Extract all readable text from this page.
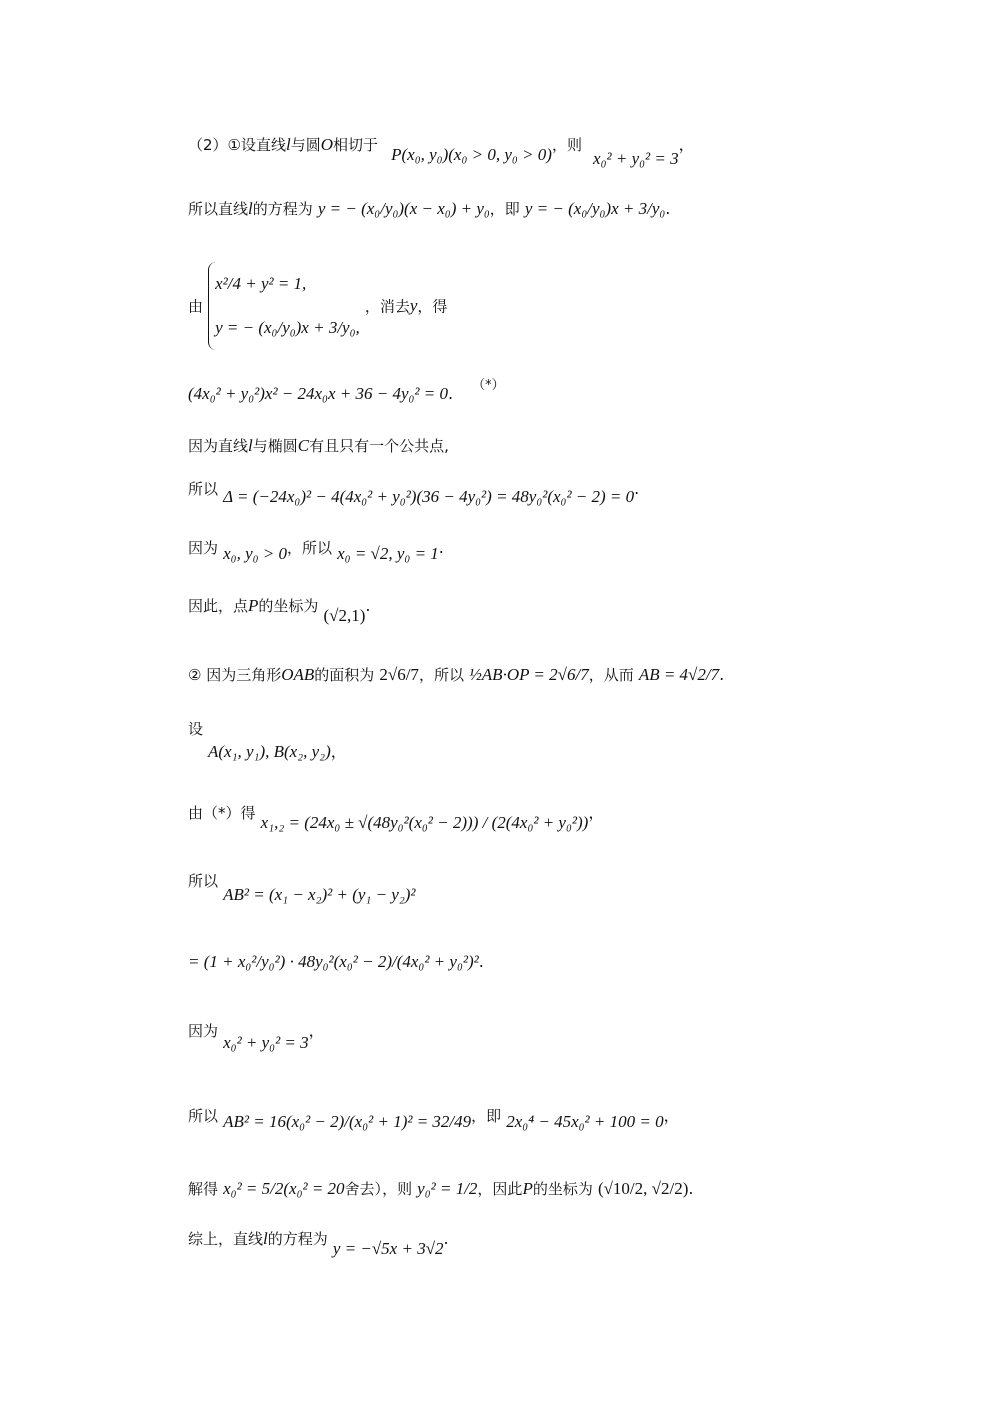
（2）①设直线l与圆O相切于 P(x₀, y₀)(x₀ > 0, y₀ > 0)，则 x₀² + y₀² = 3，
所以直线l的方程为 y = − (x₀/y₀)(x − x₀) + y₀，即 y = − (x₀/y₀)x + 3/y₀.
由
x²/4 + y² = 1,
y = − (x₀/y₀)x + 3/y₀,
，消去y，得
(4x₀² + y₀²)x² − 24x₀x + 36 − 4y₀² = 0. （*）
因为直线l与椭圆C有且只有一个公共点,
所以 Δ = (−24x₀)² − 4(4x₀² + y₀²)(36 − 4y₀²) = 48y₀²(x₀² − 2) = 0.
因为 x₀, y₀ > 0，所以 x₀ = √2, y₀ = 1.
因此，点P的坐标为 (√2,1).
② 因为三角形OAB的面积为 2√6/7，所以 ½AB·OP = 2√6/7，从而 AB = 4√2/7.
设
A(x₁, y₁), B(x₂, y₂)，
由（*）得 x₁,₂ = (24x₀ ± √(48y₀²(x₀² − 2))) / (2(4x₀² + y₀²))，
所以 AB² = (x₁ − x₂)² + (y₁ − y₂)²
= (1 + x₀²/y₀²) · 48y₀²(x₀² − 2)/(4x₀² + y₀²)².
因为 x₀² + y₀² = 3，
所以 AB² = 16(x₀² − 2)/(x₀² + 1)² = 32/49，即 2x₀⁴ − 45x₀² + 100 = 0，
解得 x₀² = 5/2(x₀² = 20舍去），则 y₀² = 1/2，因此P的坐标为 (√10/2, √2/2).
综上，直线l的方程为 y = −√5x + 3√2.
